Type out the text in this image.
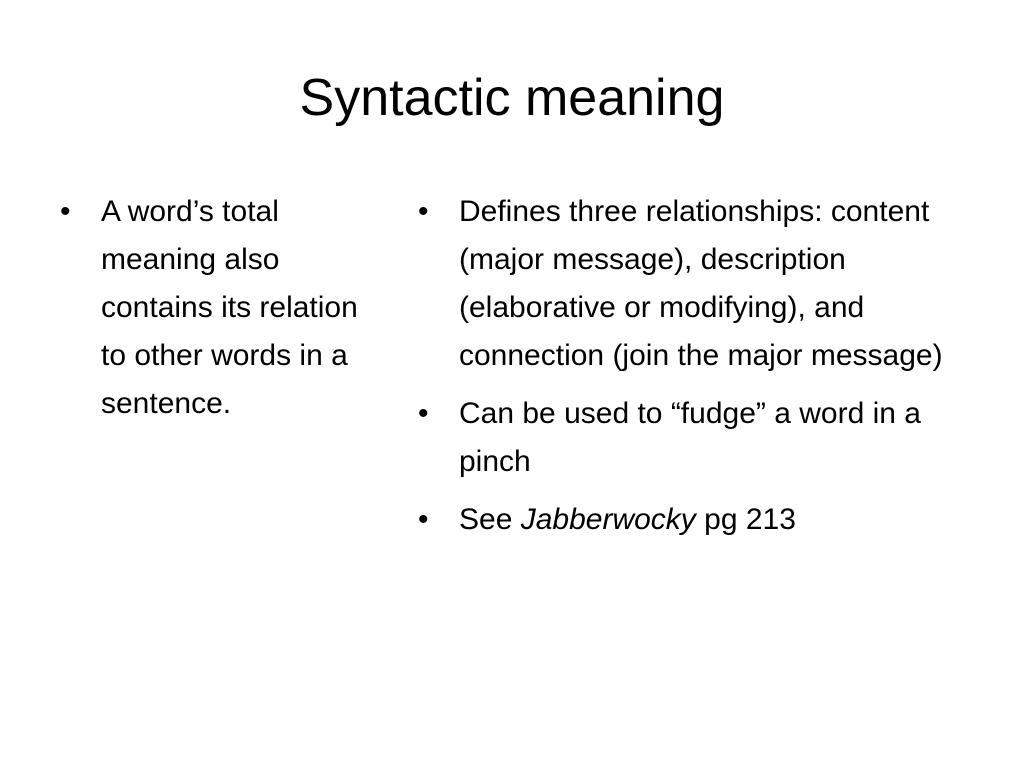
Syntactic meaning
• A word’s total meaning also contains its relation to other words in a sentence.
• Defines three relationships: content (major message), description (elaborative or modifying), and connection (join the major message)
• Can be used to “fudge” a word in a pinch
• See Jabberwocky pg 213
